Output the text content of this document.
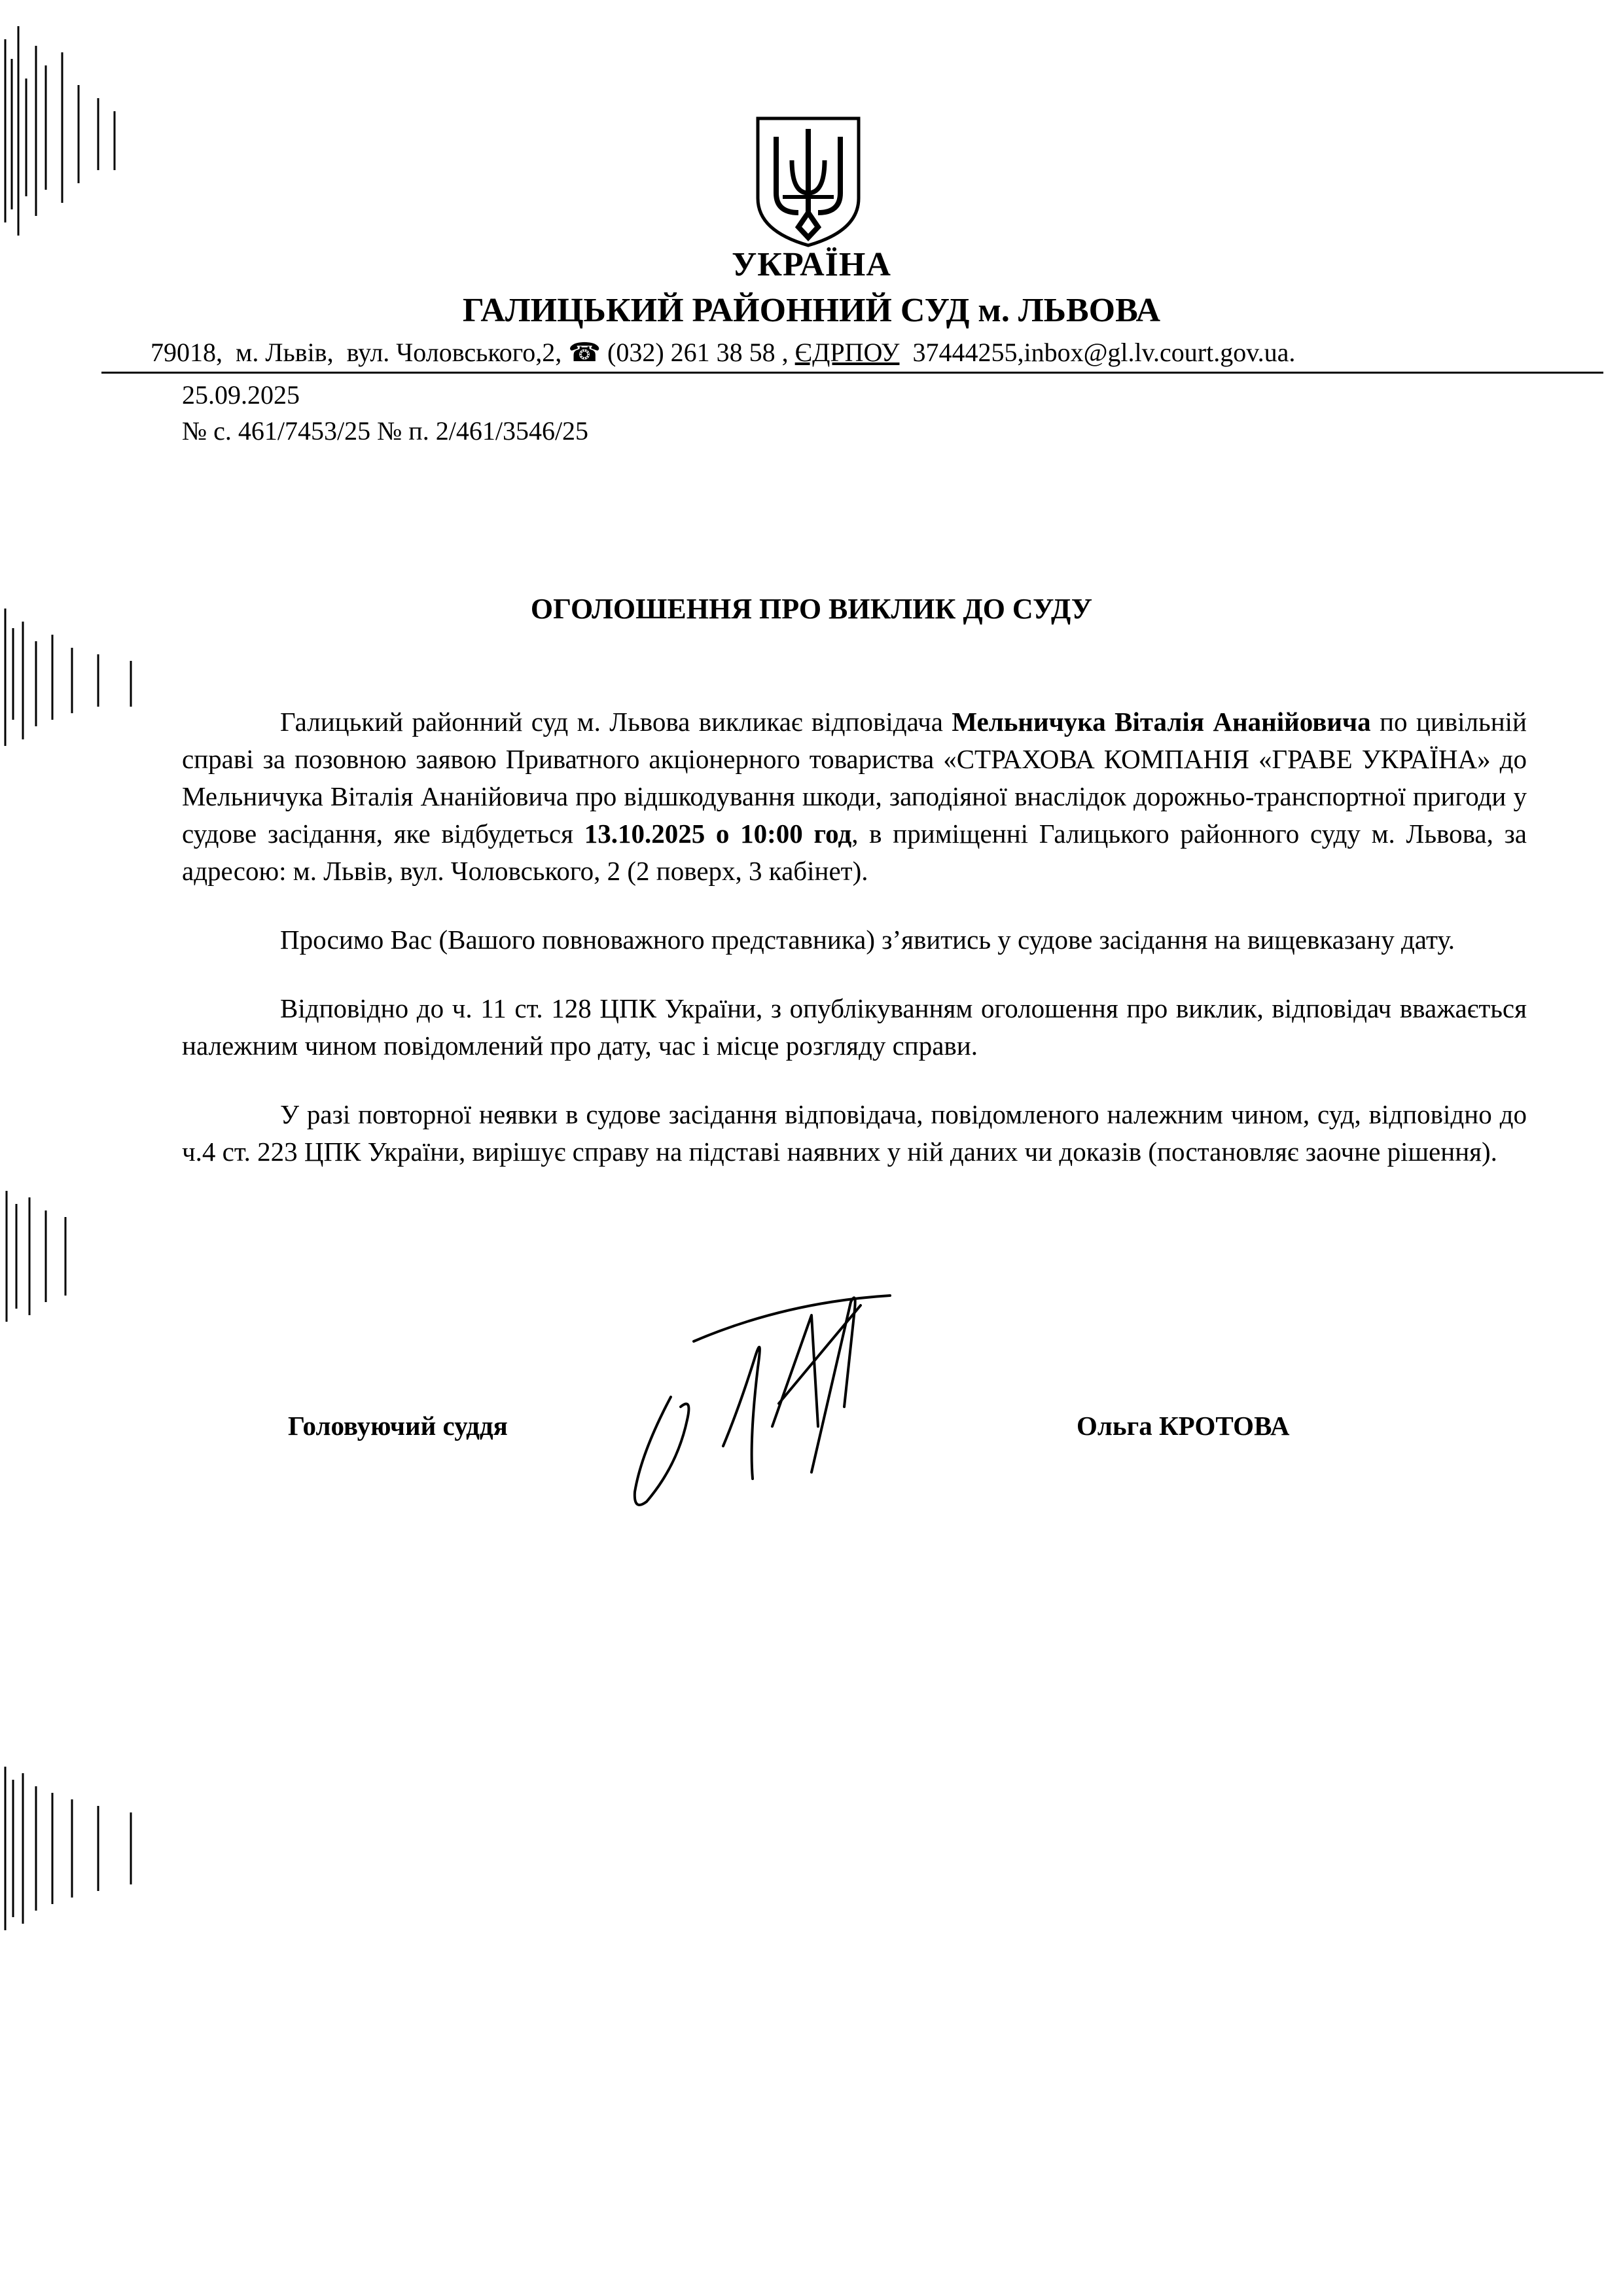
УКРАЇНА
ГАЛИЦЬКИЙ РАЙОННИЙ СУД м. ЛЬВОВА
79018, м. Львів, вул. Чоловського,2, ☎ (032) 261 38 58 , ЄДРПОУ 37444255,inbox@gl.lv.court.gov.ua.
25.09.2025
№ с. 461/7453/25 № п. 2/461/3546/25
ОГОЛОШЕННЯ ПРО ВИКЛИК ДО СУДУ

Галицький районний суд м. Львова викликає відповідача Мельничука Віталія Ананійовича по цивільній справі за позовною заявою Приватного акціонерного товариства «СТРАХОВА КОМПАНІЯ «ГРАВЕ УКРАЇНА» до Мельничука Віталія Ананійовича про відшкодування шкоди, заподіяної внаслідок дорожньо-транспортної пригоди у судове засідання, яке відбудеться 13.10.2025 о 10:00 год, в приміщенні Галицького районного суду м. Львова, за адресою: м. Львів, вул. Чоловського, 2 (2 поверх, 3 кабінет).

Просимо Вас (Вашого повноважного представника) з’явитись у судове засідання на вищевказану дату.

Відповідно до ч. 11 ст. 128 ЦПК України, з опублікуванням оголошення про виклик, відповідач вважається належним чином повідомлений про дату, час і місце розгляду справи.

У разі повторної неявки в судове засідання відповідача, повідомленого належним чином, суд, відповідно до ч.4 ст. 223 ЦПК України, вирішує справу на підставі наявних у ній даних чи доказів (постановляє заочне рішення).

Головуючий суддя	Ольга КРОТОВА
